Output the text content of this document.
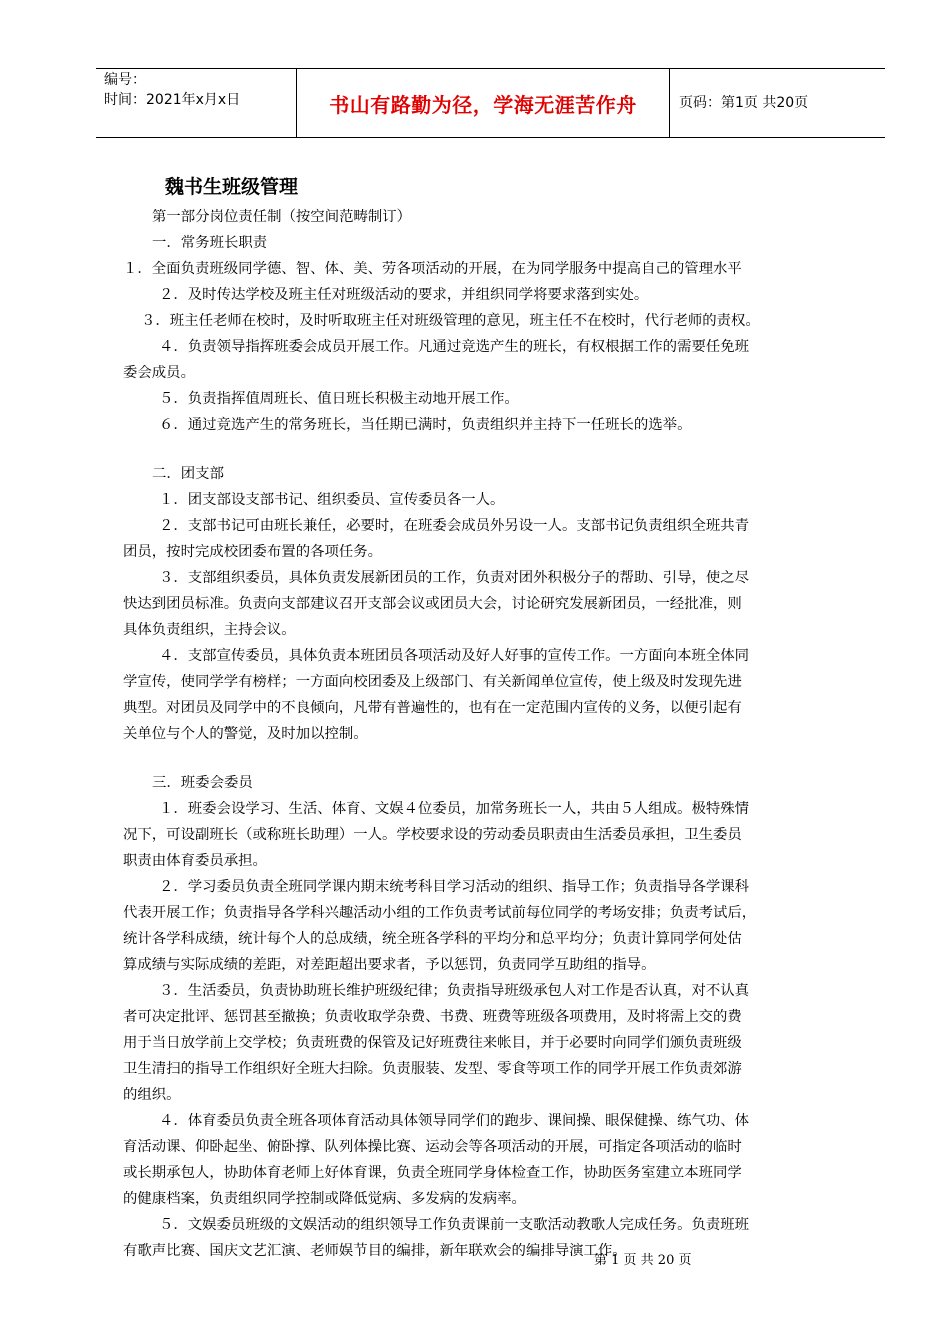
编号：
时间：2021年x月x日	书山有路勤为径，学海无涯苦作舟	页码：第1页 共20页
魏书生班级管理
第一部分岗位责任制（按空间范畴制订）
一．常务班长职责
１．全面负责班级同学德、智、体、美、劳各项活动的开展，在为同学服务中提高自己的管理水平
２．及时传达学校及班主任对班级活动的要求，并组织同学将要求落到实处。
３．班主任老师在校时，及时听取班主任对班级管理的意见，班主任不在校时，代行老师的责权。
４．负责领导指挥班委会成员开展工作。凡通过竞选产生的班长，有权根据工作的需要任免班
委会成员。
５．负责指挥值周班长、值日班长积极主动地开展工作。
６．通过竞选产生的常务班长，当任期已满时，负责组织并主持下一任班长的选举。
二．团支部
１．团支部设支部书记、组织委员、宣传委员各一人。
２．支部书记可由班长兼任，必要时，在班委会成员外另设一人。支部书记负责组织全班共青
团员，按时完成校团委布置的各项任务。
３．支部组织委员，具体负责发展新团员的工作，负责对团外积极分子的帮助、引导，使之尽
快达到团员标准。负责向支部建议召开支部会议或团员大会，讨论研究发展新团员，一经批准，则
具体负责组织，主持会议。
４．支部宣传委员，具体负责本班团员各项活动及好人好事的宣传工作。一方面向本班全体同
学宣传，使同学学有榜样；一方面向校团委及上级部门、有关新闻单位宣传，使上级及时发现先进
典型。对团员及同学中的不良倾向，凡带有普遍性的，也有在一定范围内宣传的义务，以便引起有
关单位与个人的警觉，及时加以控制。
三．班委会委员
１．班委会设学习、生活、体育、文娱４位委员，加常务班长一人，共由５人组成。极特殊情
况下，可设副班长（或称班长助理）一人。学校要求设的劳动委员职责由生活委员承担，卫生委员
职责由体育委员承担。
２．学习委员负责全班同学课内期末统考科目学习活动的组织、指导工作；负责指导各学课科
代表开展工作；负责指导各学科兴趣活动小组的工作负责考试前每位同学的考场安排；负责考试后，
统计各学科成绩，统计每个人的总成绩，统全班各学科的平均分和总平均分；负责计算同学何处估
算成绩与实际成绩的差距，对差距超出要求者，予以惩罚，负责同学互助组的指导。
３．生活委员，负责协助班长维护班级纪律；负责指导班级承包人对工作是否认真，对不认真
者可决定批评、惩罚甚至撤换；负责收取学杂费、书费、班费等班级各项费用，及时将需上交的费
用于当日放学前上交学校；负责班费的保管及记好班费往来帐目，并于必要时向同学们颁负责班级
卫生清扫的指导工作组织好全班大扫除。负责服装、发型、零食等项工作的同学开展工作负责郊游
的组织。
４．体育委员负责全班各项体育活动具体领导同学们的跑步、课间操、眼保健操、练气功、体
育活动课、仰卧起坐、俯卧撑、队列体操比赛、运动会等各项活动的开展，可指定各项活动的临时
或长期承包人，协助体育老师上好体育课，负责全班同学身体检查工作，协助医务室建立本班同学
的健康档案，负责组织同学控制或降低觉病、多发病的发病率。
５．文娱委员班级的文娱活动的组织领导工作负责课前一支歌活动教歌人完成任务。负责班班
有歌声比赛、国庆文艺汇演、老师娱节目的编排，新年联欢会的编排导演工作。
第 1 页 共 20 页
